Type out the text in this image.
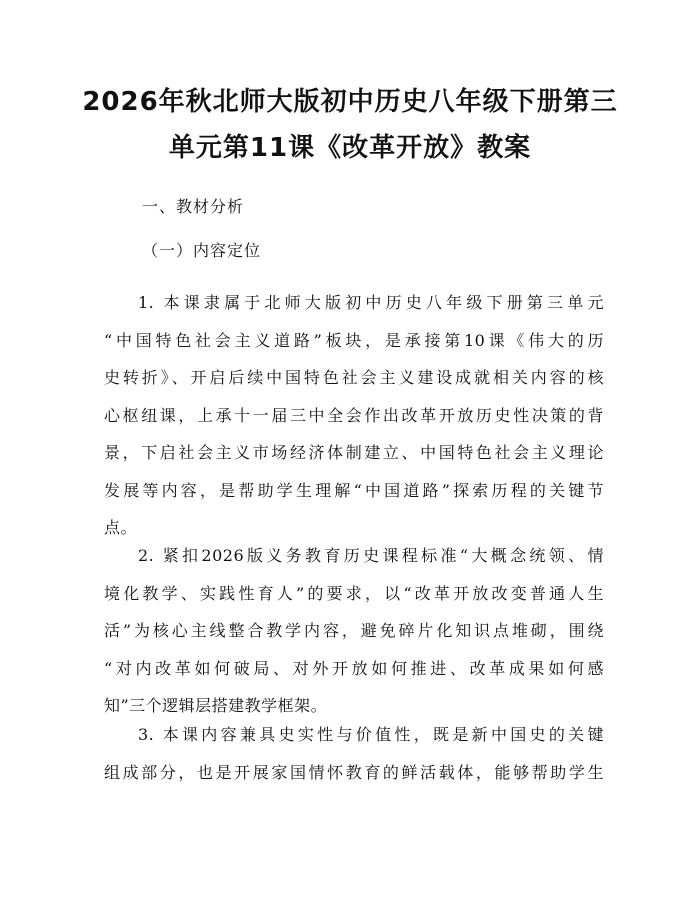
2026年秋北师大版初中历史八年级下册第三
单元第11课《改革开放》教案
一、教材分析
（一）内容定位
1. 本课隶属于北师大版初中历史八年级下册第三单元
“中国特色社会主义道路”板块，是承接第10课《伟大的历
史转折》、开启后续中国特色社会主义建设成就相关内容的核
心枢纽课，上承十一届三中全会作出改革开放历史性决策的背
景，下启社会主义市场经济体制建立、中国特色社会主义理论
发展等内容，是帮助学生理解“中国道路”探索历程的关键节
点。
2. 紧扣2026版义务教育历史课程标准“大概念统领、情
境化教学、实践性育人”的要求，以“改革开放改变普通人生
活”为核心主线整合教学内容，避免碎片化知识点堆砌，围绕
“对内改革如何破局、对外开放如何推进、改革成果如何感
知”三个逻辑层搭建教学框架。
3. 本课内容兼具史实性与价值性，既是新中国史的关键
组成部分，也是开展家国情怀教育的鲜活载体，能够帮助学生
